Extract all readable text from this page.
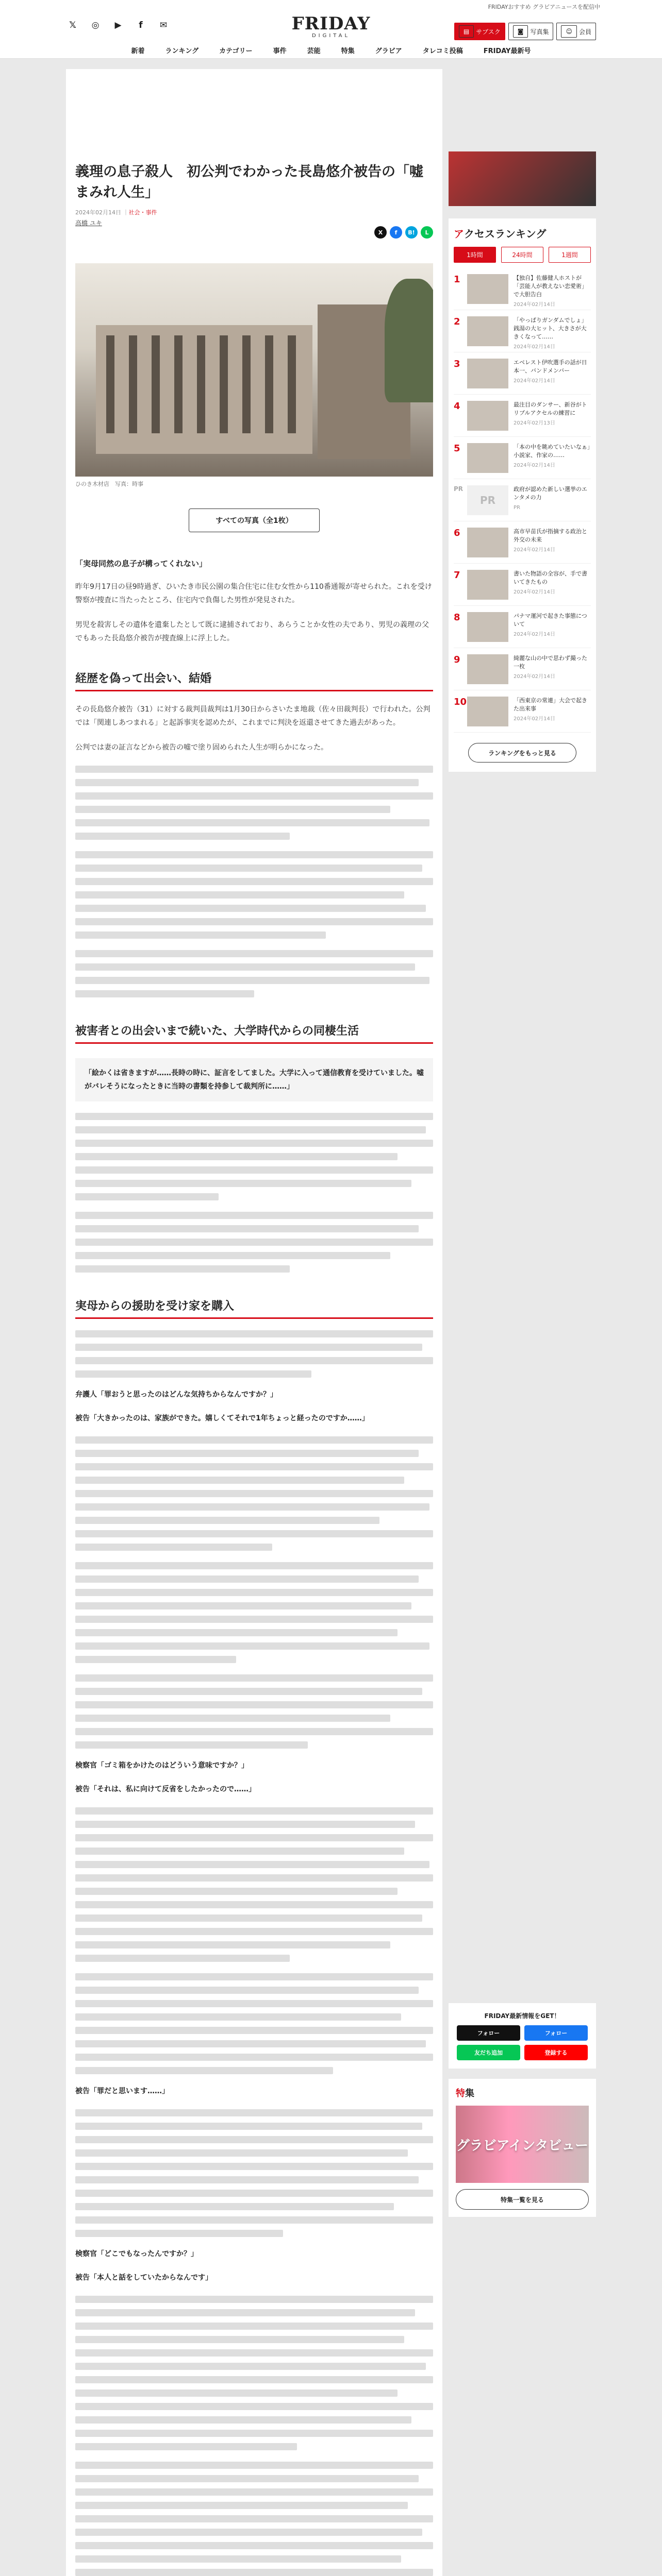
FRIDAYおすすめ グラビアニュースを配信中
𝕏	◎	▶	f	✉	FRIDAY
DIGITAL
▤	サブスク	◙	写真集	☺	会員
新着	ランキング	カテゴリー	事件	芸能	特集	グラビア	タレコミ投稿	FRIDAY最新号
義理の息子殺人　初公判でわかった長島悠介被告の「嘘まみれ人生」
2024年02月14日 ｜社会・事件
高橋 ユキ
X	f	B!	L
ひのき木材店　写真：時事
すべての写真（全1枚）
「実母同然の息子が構ってくれない」

昨年9月17日の昼9時過ぎ、ひいたき市民公園の集合住宅に住む女性から110番通報が寄せられた。これを受け警察が捜査に当たったところ、住宅内で負傷した男性が発見された。

男児を殺害しその遺体を遺棄したとして既に逮捕されており、あらうことか女性の夫であり、男児の義理の父でもあった長島悠介被告が捜査線上に浮上した。

経歴を偽って出会い、結婚

その長島悠介被告（31）に対する裁判員裁判は1月30日からさいたま地裁（佐々田裁判長）で行われた。公判では「関連しあつまれる」と起訴事実を認めたが、これまでに判決を返還させてきた過去があった。

公判では妻の証言などから被告の嘘で塗り固められた人生が明らかになった。

被害者との出会いまで続いた、大学時代からの同棲生活
「絵かくは省きますが……長時の時に、証言をしてました。大学に入って通信教育を受けていました。嘘がバレそうになったときに当時の書類を持参して裁判所に……」
実母からの援助を受け家を購入
弁護人「罪おうと思ったのはどんな気持ちからなんですか？」
被告「大きかったのは、家族ができた。嬉しくてそれで1年ちょっと経ったのですか……」
検察官「ゴミ箱をかけたのはどういう意味ですか？」
被告「それは、私に向けて反省をしたかったので……」
被告「罪だと思います……」
検察官「どこでもなったんですか？」
被告「本人と話をしていたからなんです」
アクセスランキング
1時間	24時間	1週間
1	【独自】佐藤健人ホストが「芸能人が教えない恋愛術」で大胆告白
2024年02月14日
2	「やっぱりガンダムでしょ」銭湯の大ヒット、大きさが大きくなって……
2024年02月14日
3	エベレスト伊吹選手の話が日本一、バンドメンバー
2024年02月14日
4	最注目のダンサー、新谷がトリプルアクセルの練習に
2024年02月13日
5	「本の中を眺めていたいなぁ」小説家、作家の……
2024年02月14日
PR
PR
政府が認めた新しい選挙のエンタメの力
PR
6	高市早苗氏が指摘する政治と外交の未来
2024年02月14日
7	書いた物語の全容が、手で書いてきたもの
2024年02月14日
8	パナマ運河で起きた事態について
2024年02月14日
9	綺麗な山の中で思わず撮った一枚
2024年02月14日
10	「西東京の常連」大会で起きた出来事
2024年02月14日
ランキングをもっと見る
FRIDAY最新情報をGET！
フォロー	フォロー
友だち追加	登録する
特集
グラビアインタビュー
特集一覧を見る
